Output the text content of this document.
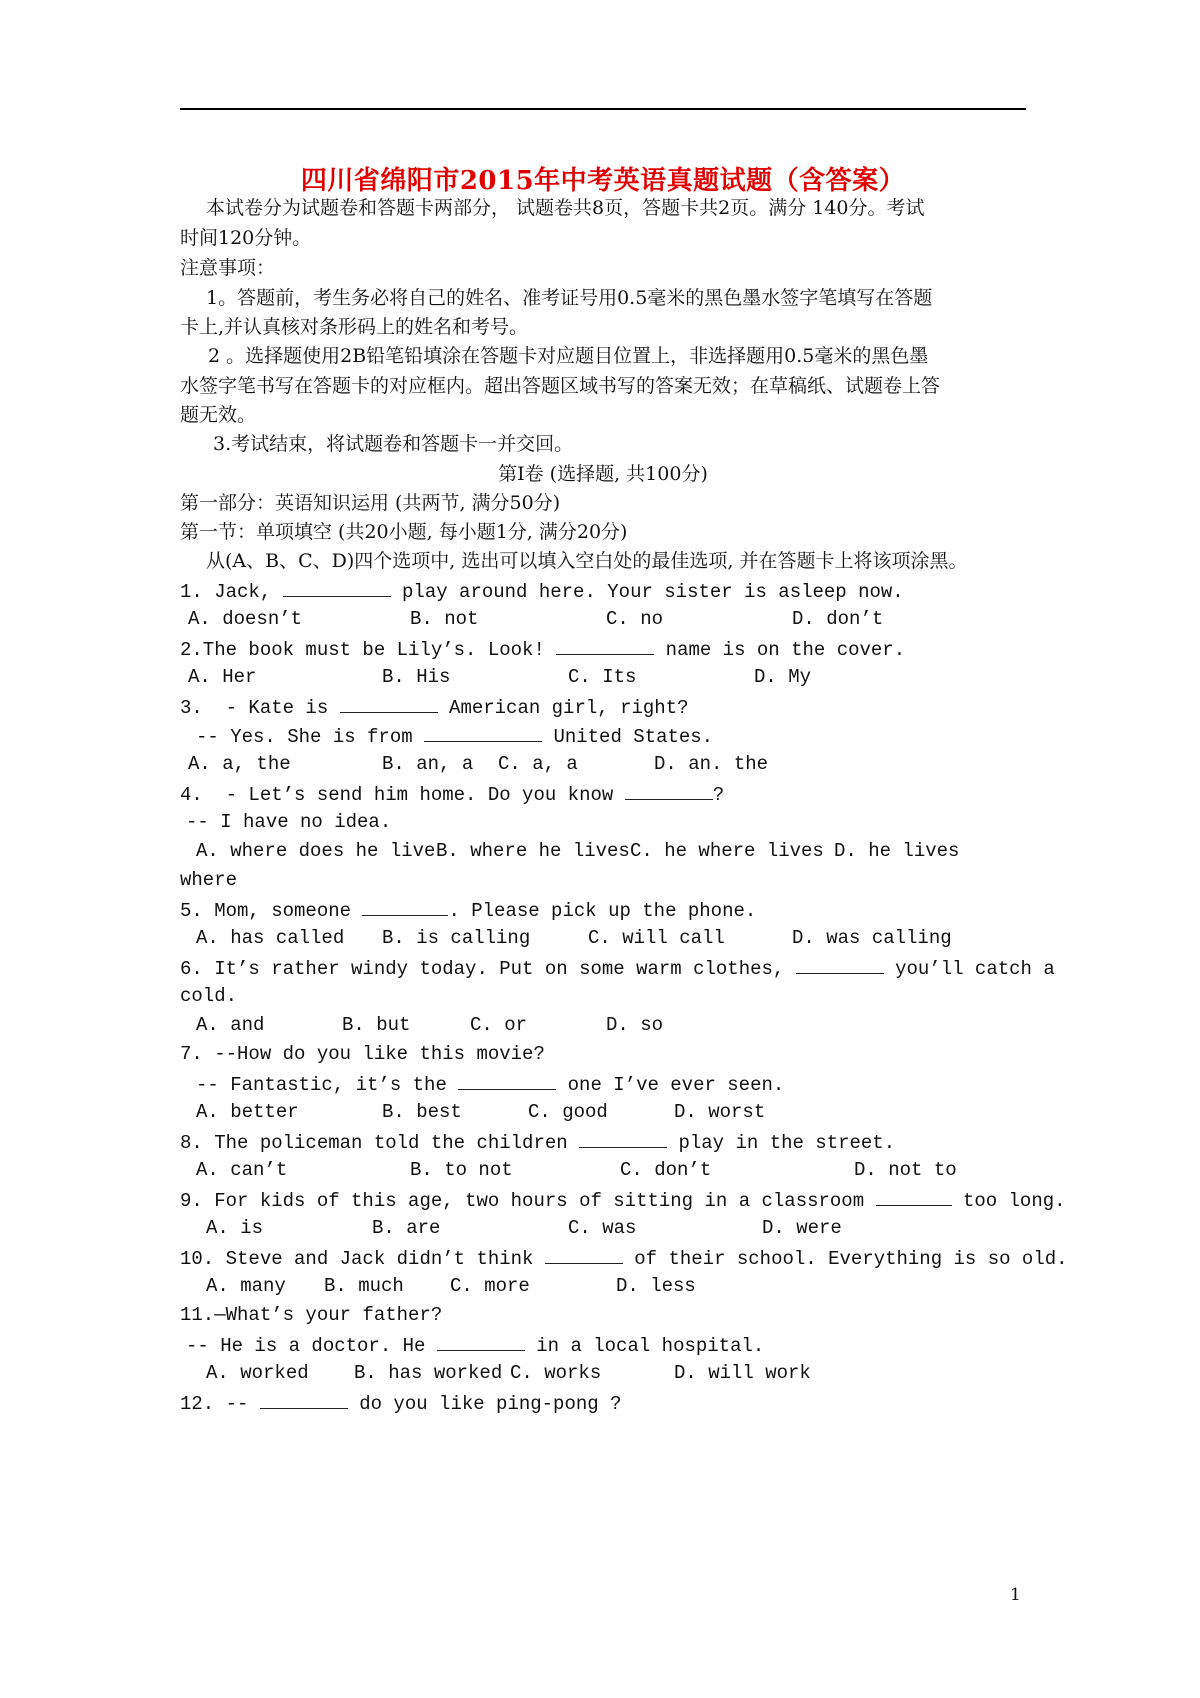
四川省绵阳市2015年中考英语真题试题（含答案）
本试卷分为试题卷和答题卡两部分， 试题卷共8页，答题卡共2页。满分 140分。考试
时间120分钟。
注意事项：
1。答题前，考生务必将自己的姓名、准考证号用0.5毫米的黑色墨水签字笔填写在答题
卡上,并认真核对条形码上的姓名和考号。
2 。选择题使用2B铅笔铅填涂在答题卡对应题目位置上，非选择题用0.5毫米的黑色墨
水签字笔书写在答题卡的对应框内。超出答题区域书写的答案无效；在草稿纸、试题卷上答
题无效。
3.考试结束，将试题卷和答题卡一并交回。
第Ⅰ卷 (选择题, 共100分)
第一部分：英语知识运用 (共两节, 满分50分)
第一节：单项填空 (共20小题, 每小题1分, 满分20分)
从(A、B、C、D)四个选项中, 选出可以填入空白处的最佳选项, 并在答题卡上将该项涂黑。
1. Jack,	play around here. Your sister is asleep now.
A. doesn’t	B. not	C. no	D. don’t
2.The book must be Lily’s. Look!	name is on the cover.
A. Her	B. His	C. Its	D. My
3.  - Kate is	American girl, right?
-- Yes. She is from	United States.
A. a, the	B. an, a C. a, a	D. an. the
4.  - Let’s send him home. Do you know	?
-- I have no idea.
A. where does he live B. where he lives C. he where lives D. he lives
where
5. Mom, someone	. Please pick up the phone.
A. has called B. is calling	C. will call	D. was calling
6. It’s rather windy today. Put on some warm clothes,	you’ll catch a
cold.
A. and	B. but	C. or	D. so
7. --How do you like this movie?
-- Fantastic, it’s the	one I’ve ever seen.
A. better	B. best	C. good	D. worst
8. The policeman told the children	play in the street.
A. can’t	B. to not	C. don’t	D. not to
9. For kids of this age, two hours of sitting in a classroom	too long.
A. is	B. are	C. was	D. were
10. Steve and Jack didn’t think	of their school. Everything is so old.
A. many B. much C. more	D. less
11.—What’s your father?
-- He is a doctor. He	in a local hospital.
A. worked B. has worked C. works	D. will work
12. --	do you like ping-pong ?
1
